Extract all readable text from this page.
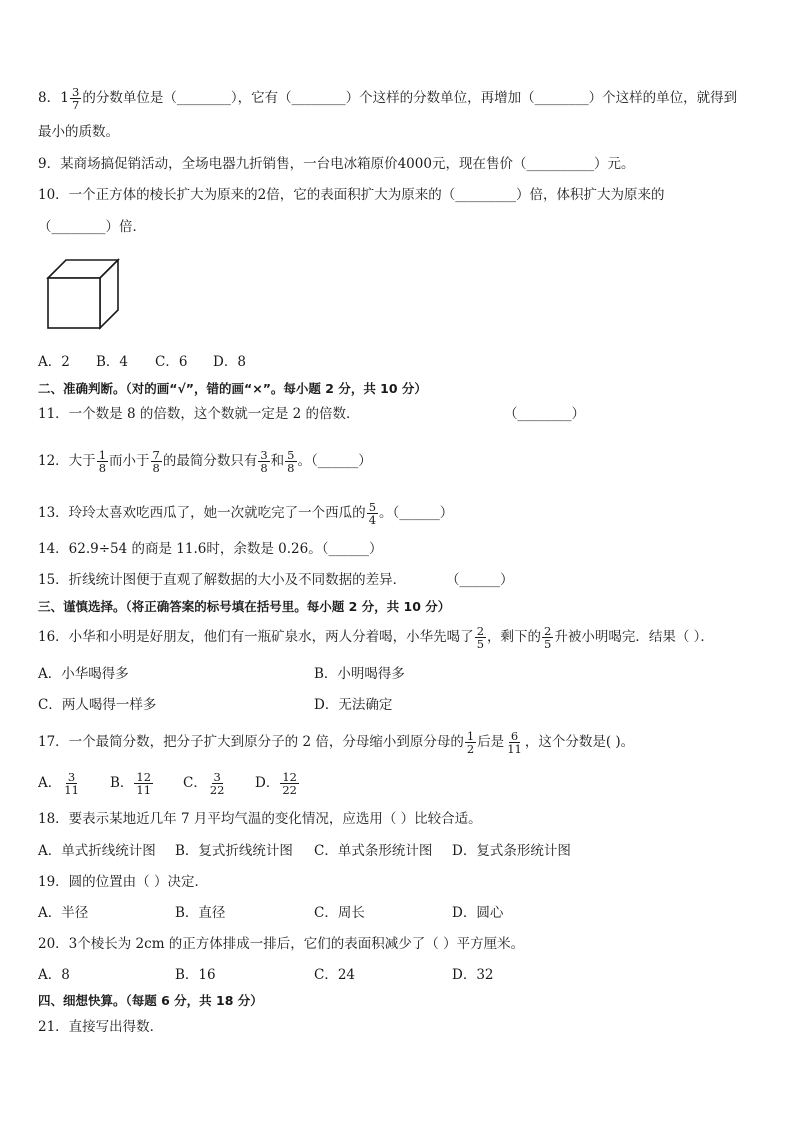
8．$1 \frac{3}{7}$ 的分数单位是（________），它有（________）个这样的分数单位，再增加（________）个这样的单位，就得到
最小的质数。
9．某商场搞促销活动，全场电器九折销售，一台电冰箱原价4000元，现在售价（__________）元。
10．一个正方体的棱长扩大为原来的2倍，它的表面积扩大为原来的（_________）倍，体积扩大为原来的
（________）倍．
A．2 B．4 C．6 D．8
二、准确判断。（对的画“√”，错的画“×”。每小题 2 分，共 10 分）
11．一个数是 8 的倍数，这个数就一定是 2 的倍数．	（________）
12．大于 $\frac{1}{8}$ 而小于 $\frac{7}{8}$ 的最简分数只有 $\frac{3}{8}$ 和 $\frac{5}{8}$ 。（______）
13．玲玲太喜欢吃西瓜了，她一次就吃完了一个西瓜的 $\frac{5}{4}$ 。（______）
14．62.9÷54 的商是 11.6时，余数是 0.26。（______）
15．折线统计图便于直观了解数据的大小及不同数据的差异．	（______）
三、谨慎选择。（将正确答案的标号填在括号里。每小题 2 分，共 10 分）
16．小华和小明是好朋友，他们有一瓶矿泉水，两人分着喝，小华先喝了 $\frac{2}{5}$ ，剩下的 $\frac{2}{5}$ 升被小明喝完．结果（ ）．
A．小华喝得多	B．小明喝得多
C．两人喝得一样多	D．无法确定
17．一个最简分数，把分子扩大到原分子的 2 倍，分母缩小到原分母的 $\frac{1}{2}$ 后是 $\frac{6}{11}$ ，这个分数是( )。
A． $\frac{3}{11}$ B． $\frac{12}{11}$ C． $\frac{3}{22}$ D． $\frac{12}{22}$
18．要表示某地近几年 7 月平均气温的变化情况，应选用（ ）比较合适。
A．单式折线统计图 B．复式折线统计图 C．单式条形统计图 D．复式条形统计图
19．圆的位置由（ ）决定．
A．半径	B．直径	C．周长	D．圆心
20．3个棱长为 2cm 的正方体排成一排后，它们的表面积减少了（ ）平方厘米。
A．8	B．16	C．24	D．32
四、细想快算。（每题 6 分，共 18 分）
21．直接写出得数．
